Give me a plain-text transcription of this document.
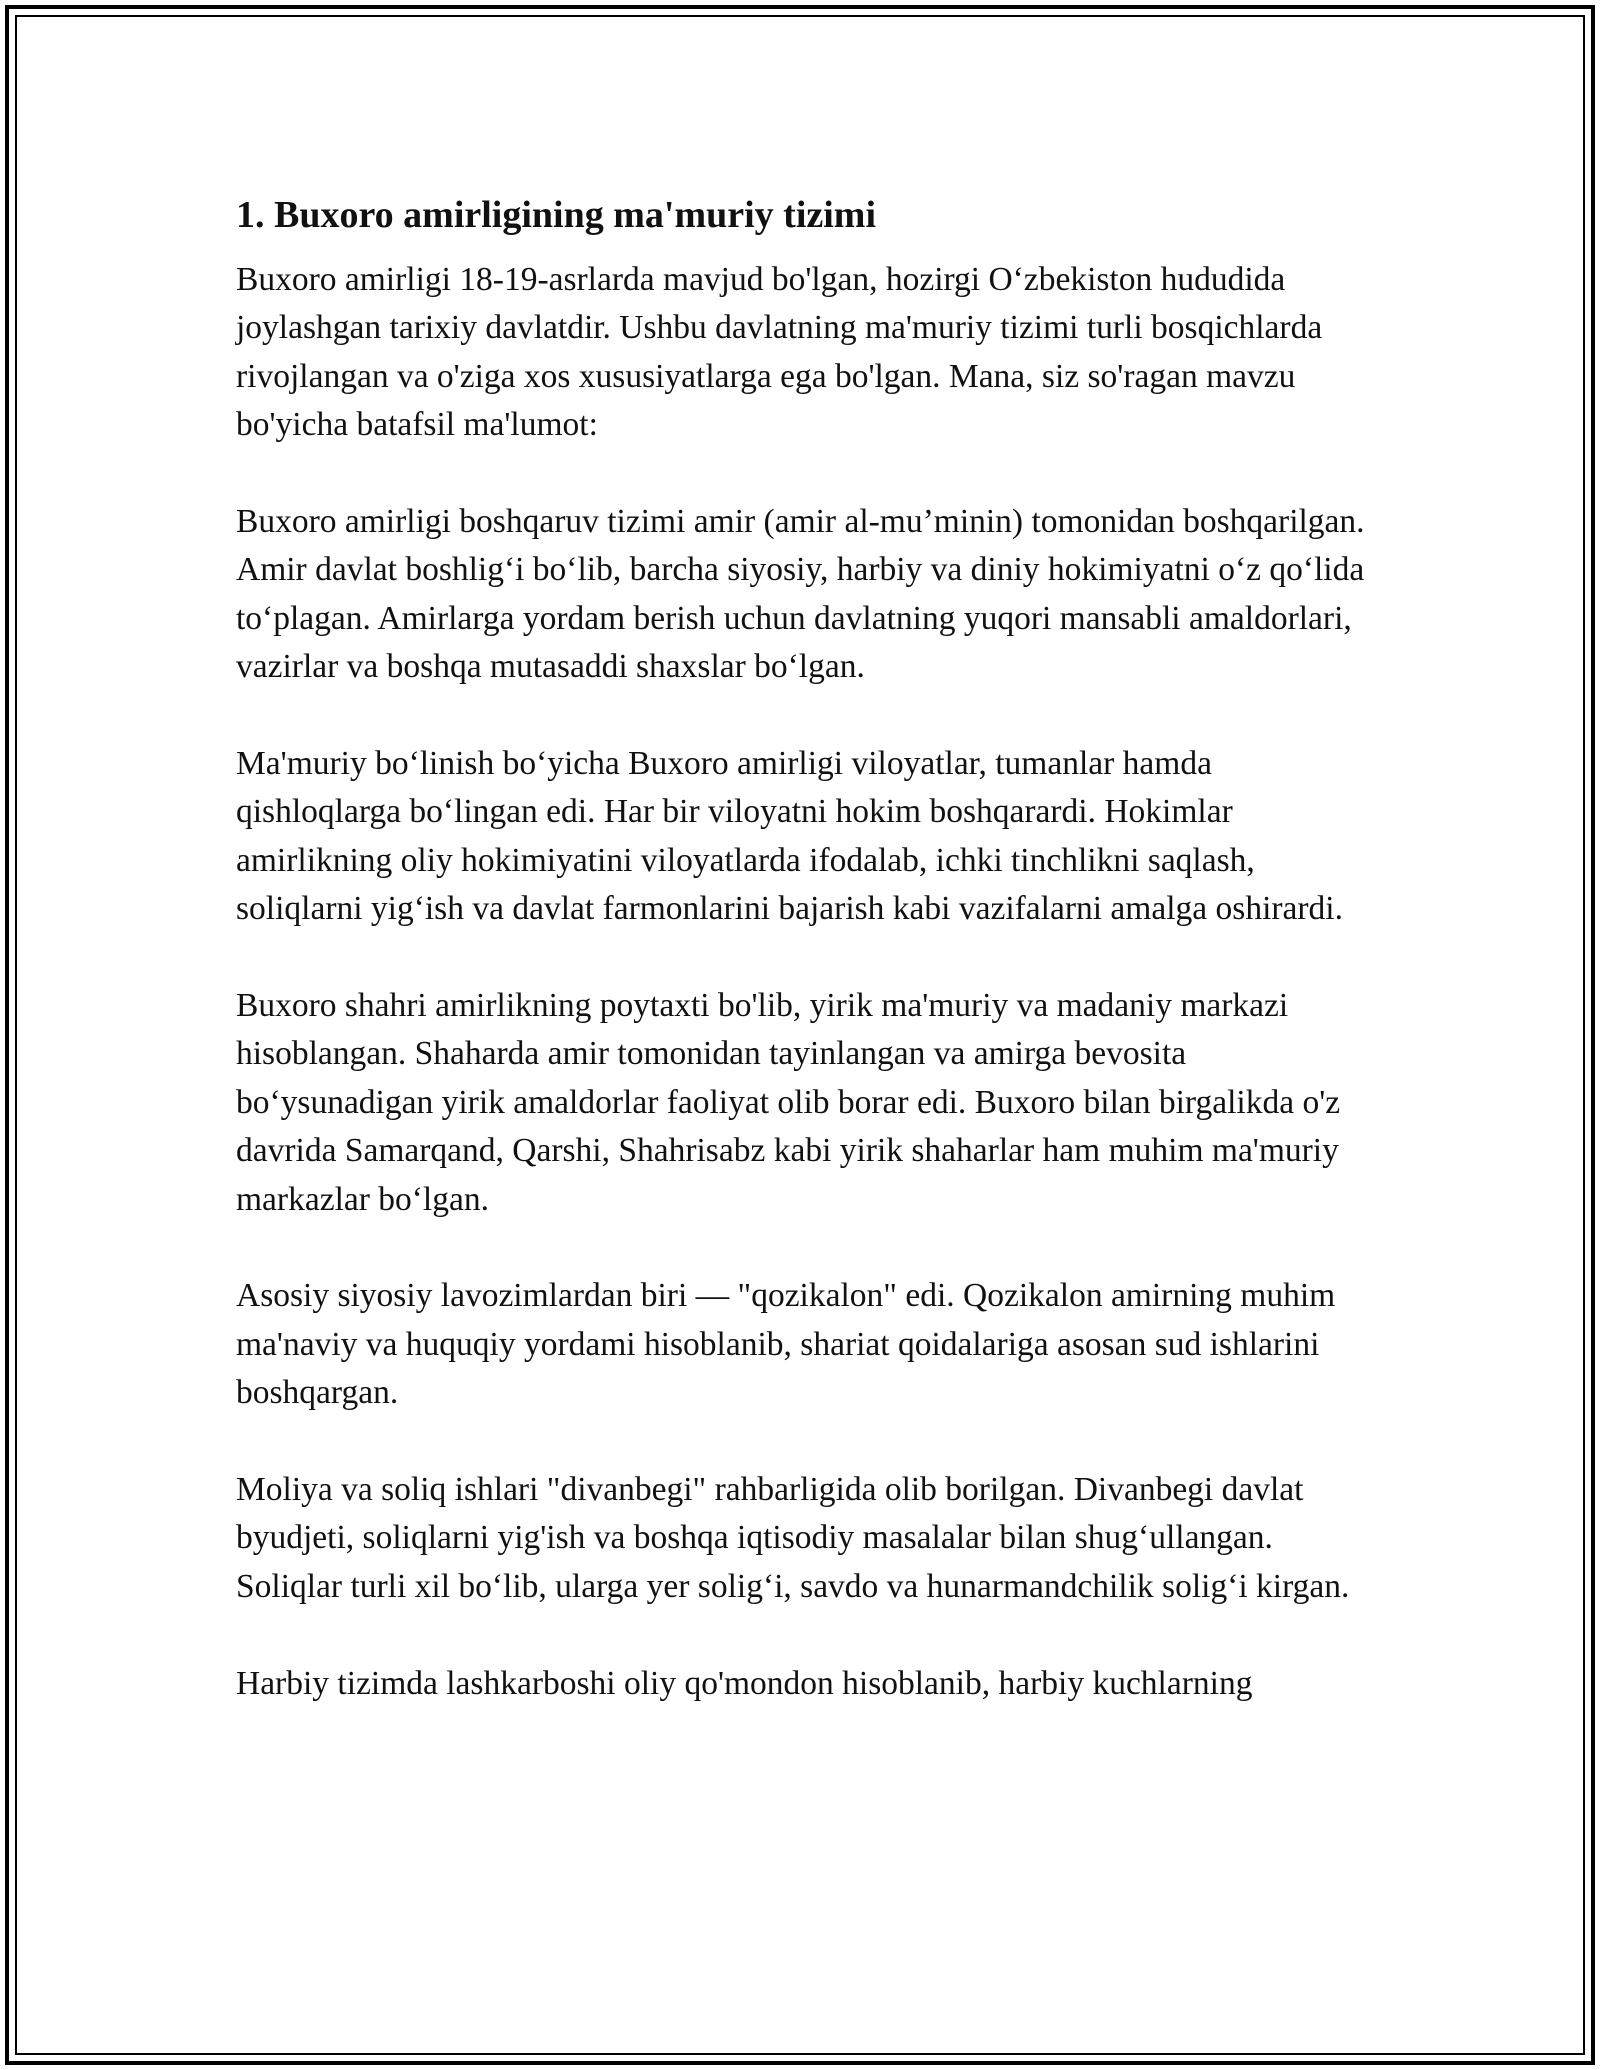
1. Buxoro amirligining ma'muriy tizimi

Buxoro amirligi 18-19-asrlarda mavjud bo'lgan, hozirgi O‘zbekiston hududida joylashgan tarixiy davlatdir. Ushbu davlatning ma'muriy tizimi turli bosqichlarda rivojlangan va o'ziga xos xususiyatlarga ega bo'lgan. Mana, siz so'ragan mavzu bo'yicha batafsil ma'lumot:

Buxoro amirligi boshqaruv tizimi amir (amir al-mu’minin) tomonidan boshqarilgan. Amir davlat boshlig‘i bo‘lib, barcha siyosiy, harbiy va diniy hokimiyatni o‘z qo‘lida to‘plagan. Amirlarga yordam berish uchun davlatning yuqori mansabli amaldorlari, vazirlar va boshqa mutasaddi shaxslar bo‘lgan.

Ma'muriy bo‘linish bo‘yicha Buxoro amirligi viloyatlar, tumanlar hamda qishloqlarga bo‘lingan edi. Har bir viloyatni hokim boshqarardi. Hokimlar amirlikning oliy hokimiyatini viloyatlarda ifodalab, ichki tinchlikni saqlash, soliqlarni yig‘ish va davlat farmonlarini bajarish kabi vazifalarni amalga oshirardi.

Buxoro shahri amirlikning poytaxti bo'lib, yirik ma'muriy va madaniy markazi hisoblangan. Shaharda amir tomonidan tayinlangan va amirga bevosita bo‘ysunadigan yirik amaldorlar faoliyat olib borar edi. Buxoro bilan birgalikda o'z davrida Samarqand, Qarshi, Shahrisabz kabi yirik shaharlar ham muhim ma'muriy markazlar bo‘lgan.

Asosiy siyosiy lavozimlardan biri — "qozikalon" edi. Qozikalon amirning muhim ma'naviy va huquqiy yordami hisoblanib, shariat qoidalariga asosan sud ishlarini boshqargan.

Moliya va soliq ishlari "divanbegi" rahbarligida olib borilgan. Divanbegi davlat byudjeti, soliqlarni yig'ish va boshqa iqtisodiy masalalar bilan shug‘ullangan. Soliqlar turli xil bo‘lib, ularga yer solig‘i, savdo va hunarmandchilik solig‘i kirgan.

Harbiy tizimda lashkarboshi oliy qo'mondon hisoblanib, harbiy kuchlarning
